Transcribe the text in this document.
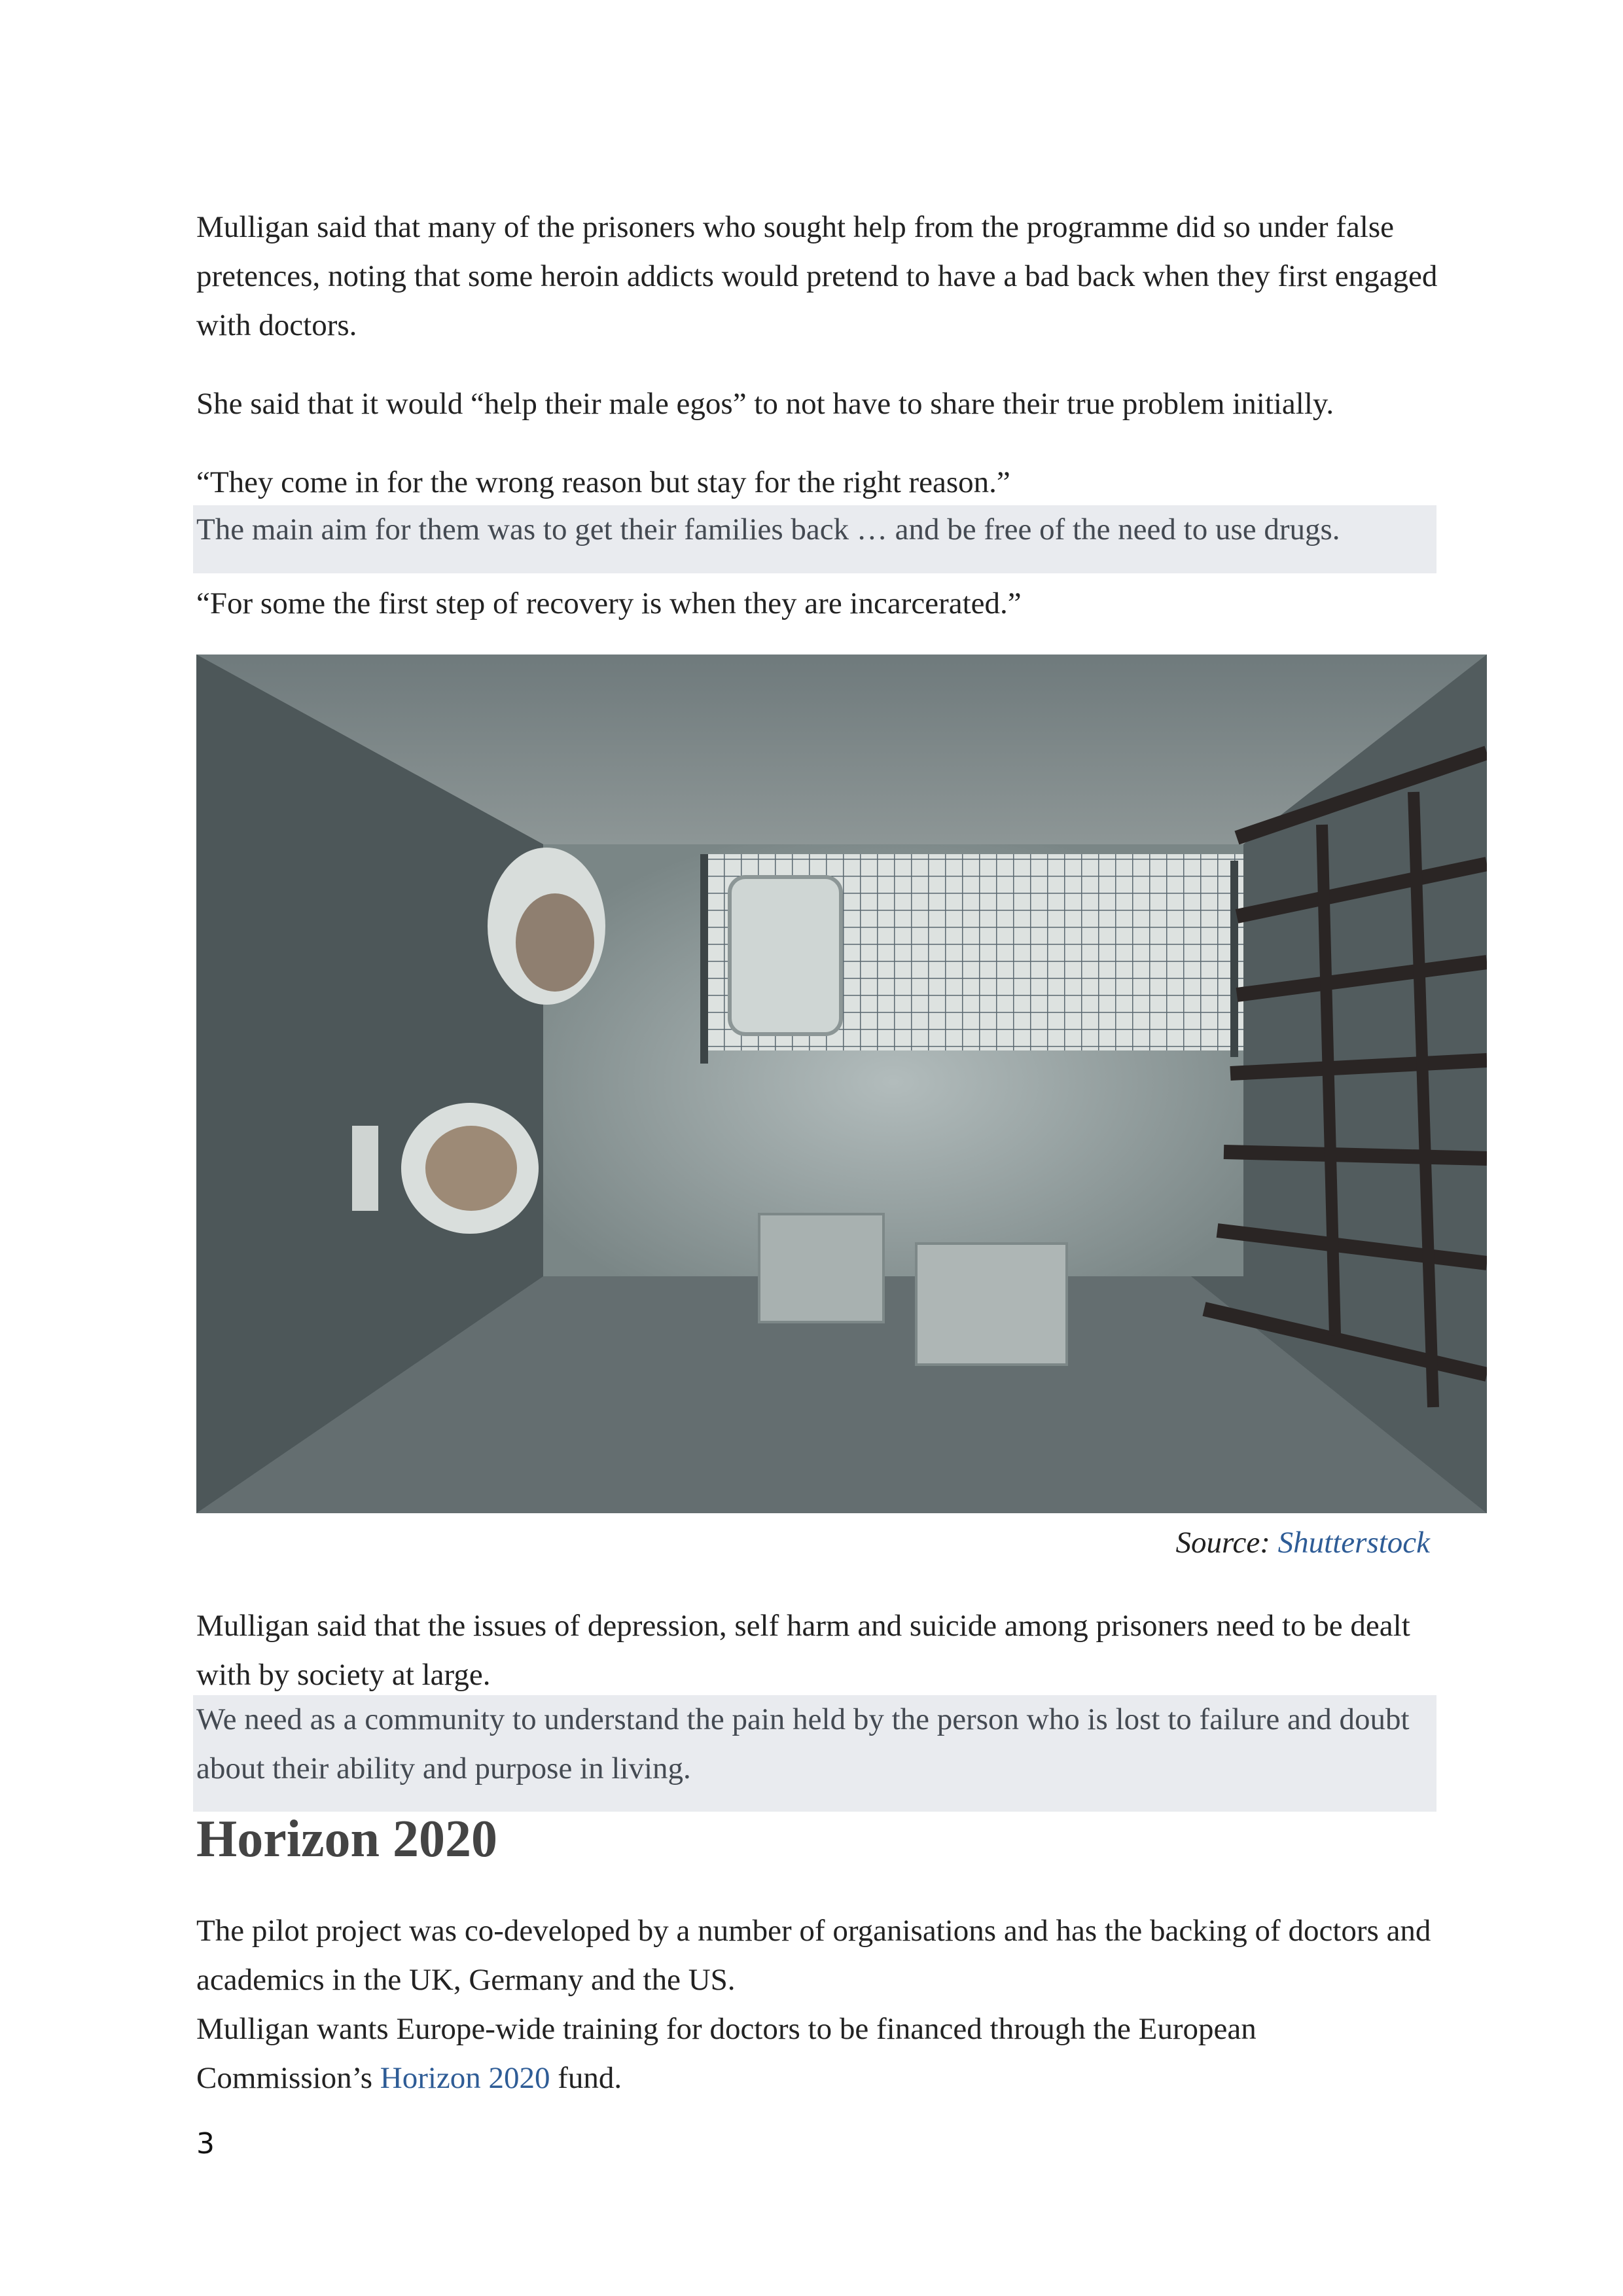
Mulligan said that many of the prisoners who sought help from the programme did so under false pretences, noting that some heroin addicts would pretend to have a bad back when they first engaged with doctors.

She said that it would “help their male egos” to not have to share their true problem initially.

“They come in for the wrong reason but stay for the right reason.”

The main aim for them was to get their families back … and be free of the need to use drugs.

“For some the first step of recovery is when they are incarcerated.”

Source: Shutterstock

Mulligan said that the issues of depression, self harm and suicide among prisoners need to be dealt with by society at large.

We need as a community to understand the pain held by the person who is lost to failure and doubt about their ability and purpose in living.

Horizon 2020

The pilot project was co-developed by a number of organisations and has the backing of doctors and academics in the UK, Germany and the US.

Mulligan wants Europe-wide training for doctors to be financed through the European Commission’s Horizon 2020 fund.

3
